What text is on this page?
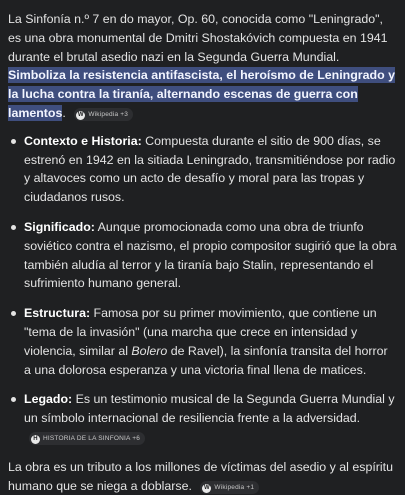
La Sinfonía n.º 7 en do mayor, Op. 60, conocida como "Leningrado", es una obra monumental de Dmitri Shostakóvich compuesta en 1941 durante el brutal asedio nazi en la Segunda Guerra Mundial. Simboliza la resistencia antifascista, el heroísmo de Leningrado y la lucha contra la tiranía, alternando escenas de guerra con lamentos. W Wikipedia +3

Contexto e Historia: Compuesta durante el sitio de 900 días, se estrenó en 1942 en la sitiada Leningrado, transmitiéndose por radio y altavoces como un acto de desafío y moral para las tropas y ciudadanos rusos.
Significado: Aunque promocionada como una obra de triunfo soviético contra el nazismo, el propio compositor sugirió que la obra también aludía al terror y la tiranía bajo Stalin, representando el sufrimiento humano general.
Estructura: Famosa por su primer movimiento, que contiene un "tema de la invasión" (una marcha que crece en intensidad y violencia, similar al Bolero de Ravel), la sinfonía transita del horror a una dolorosa esperanza y una victoria final llena de matices.
Legado: Es un testimonio musical de la Segunda Guerra Mundial y un símbolo internacional de resiliencia frente a la adversidad. H HISTORIA DE LA SINFONIA +6

La obra es un tributo a los millones de víctimas del asedio y al espíritu humano que se niega a doblarse. W Wikipedia +1
